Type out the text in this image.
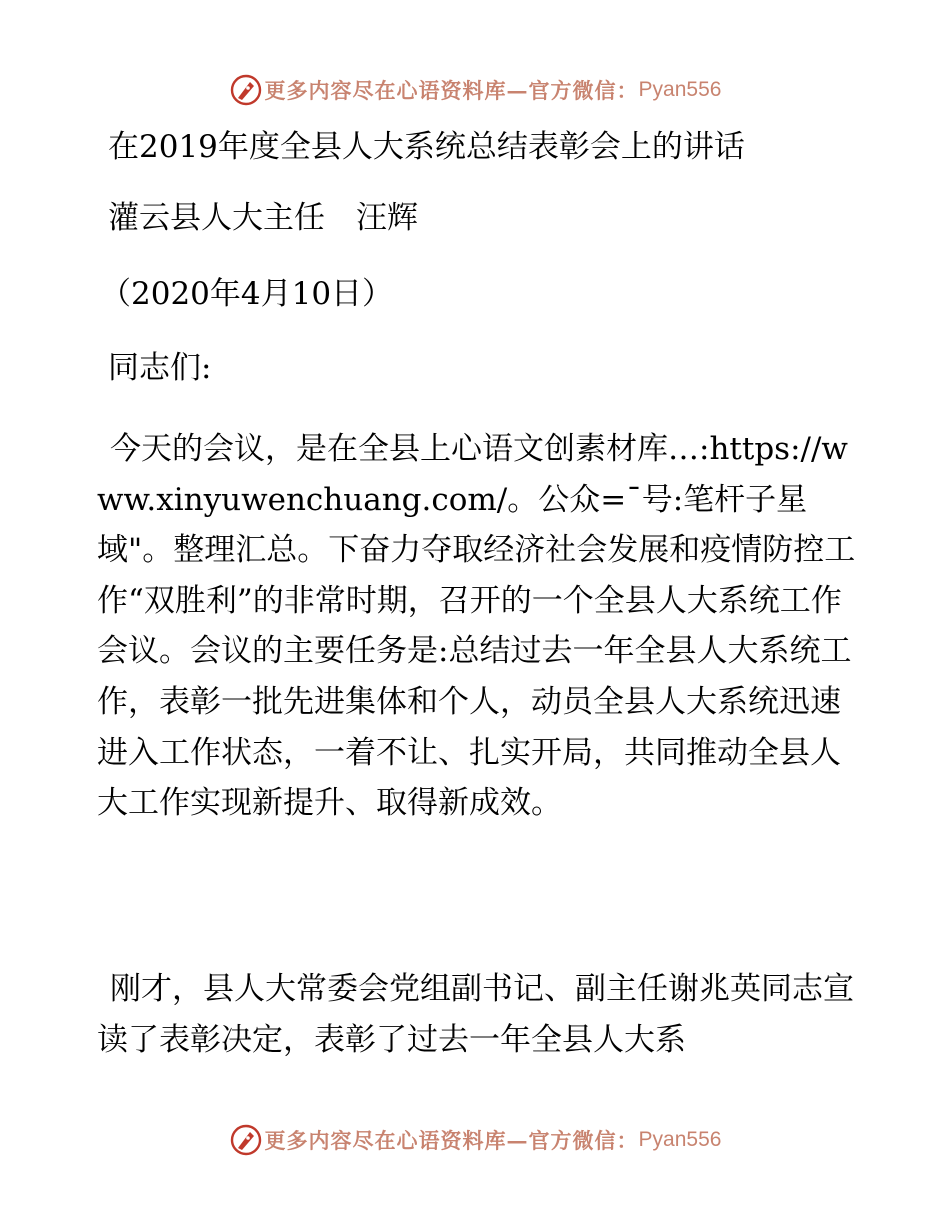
更多内容尽在心语资料库—官方微信： Pyan556
在2019年度全县人大系统总结表彰会上的讲话
灌云县人大主任　汪辉
（2020年4月10日）
同志们:
今天的会议，是在全县上心语文创素材库…:https://www.xinyuwenchuang.com/。公众=¯号:笔杆子星域"。整理汇总。下奋力夺取经济社会发展和疫情防控工作“双胜利”的非常时期，召开的一个全县人大系统工作会议。会议的主要任务是:总结过去一年全县人大系统工作，表彰一批先进集体和个人，动员全县人大系统迅速进入工作状态，一着不让、扎实开局，共同推动全县人大工作实现新提升、取得新成效。
刚才，县人大常委会党组副书记、副主任谢兆英同志宣读了表彰决定，表彰了过去一年全县人大系
更多内容尽在心语资料库—官方微信： Pyan556
